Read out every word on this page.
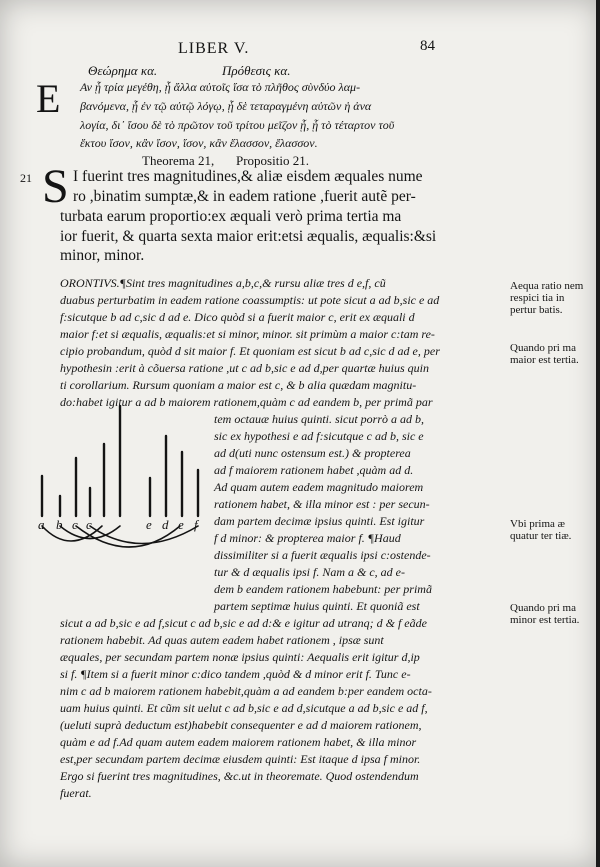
LIBER V.	84
Θεώρημα κα.	Πρόθεσις κα.
Ε Αν ᾖ τρία μεγέθη, ᾗ ἄλλα αὐτοῖς ἴσα τὸ πλῆθος σὺνδύο λαμ-
βανόμενα, ᾗ ἐν τῷ αὐτῷ λόγῳ, ᾗ δὲ τεταραγμένη αὐτῶν ἡ ἀνα
λογία, δι᾽ ἴσου δὲ τὸ πρῶτον τοῦ τρίτου μεῖζον ᾖ, ᾗ τὸ τέταρτον τοῦ
ἕκτου ἴσον, κἂν ἴσον, ἴσον, κἂν ἔλασσον, ἔλασσον.
Theorema 21, Propositio 21.
21 S I fuerint tres magnitudines,& aliæ eisdem æquales nume
ro ,binatim sumptæ,& in eadem ratione ,fuerit autẽ per-
turbata earum proportio:ex æquali verò prima tertia ma
ior fuerit, & quarta sexta maior erit:etsi æqualis, æqualis:&si
minor, minor.
ORONTIVS.¶Sint tres magnitudines a,b,c,& rursu aliæ tres d e,f, cũ
duabus perturbatim in eadem ratione coassumptis: ut pote sicut a ad b,sic e ad
f:sicutque b ad c,sic d ad e. Dico quòd si a fuerit maior c, erit ex æquali d
maior f:et si æqualis, æqualis:et si minor, minor. sit primùm a maior c:tam re-
cipio probandum, quòd d sit maior f. Et quoniam est sicut b ad c,sic d ad e, per
hypothesin :erit à cõuersa ratione ,ut c ad b,sic e ad d,per quartæ huius quin
ti corollarium. Rursum quoniam a maior est c, & b alia quædam magnitu-
do:habet igitur a ad b maiorem rationem,quàm c ad eandem b, per primã par
tem octauæ huius quinti. sicut porrò a ad b,
sic ex hypothesi e ad f:sicutque c ad b, sic e
ad d(uti nunc ostensum est.) & propterea
ad f maiorem rationem habet ,quàm ad d.
Ad quam autem eadem magnitudo maiorem
rationem habet, & illa minor est : per secun-
dam partem decimæ ipsius quinti. Est igitur
f d minor: & propterea maior f. ¶Haud
dissimiliter si a fuerit æqualis ipsi c:ostende-
tur & d æqualis ipsi f. Nam a & c, ad e-
dem b eandem rationem habebunt: per primã
partem septimæ huius quinti. Et quoniã est
sicut a ad b,sic e ad f,sicut c ad b,sic e ad d:& e igitur ad utranq; d & f eãde
rationem habebit. Ad quas autem eadem habet rationem , ipsæ sunt
æquales, per secundam partem nonæ ipsius quinti: Aequalis erit igitur d,ip
si f. ¶Item si a fuerit minor c:dico tandem ,quòd & d minor erit f. Tunc e-
nim c ad b maiorem rationem habebit,quàm a ad eandem b:per eandem octa-
uam huius quinti. Et cũm sit uelut c ad b,sic e ad d,sicutque a ad b,sic e ad f,
(ueluti suprà deductum est)habebit consequenter e ad d maiorem rationem,
quàm e ad f.Ad quam autem eadem maiorem rationem habet, & illa minor
est,per secundam partem decimæ eiusdem quinti: Est itaque d ipsa f minor.
Ergo si fuerint tres magnitudines, &c.ut in theoremate. Quod ostendendum
fuerat.
Aequa ratio nem respici tia in pertur batis.
Quando pri ma maior est tertia.
Vbi prima æ quatur ter tiæ.
Quando pri ma minor est tertia.
a b c c	e d e f
